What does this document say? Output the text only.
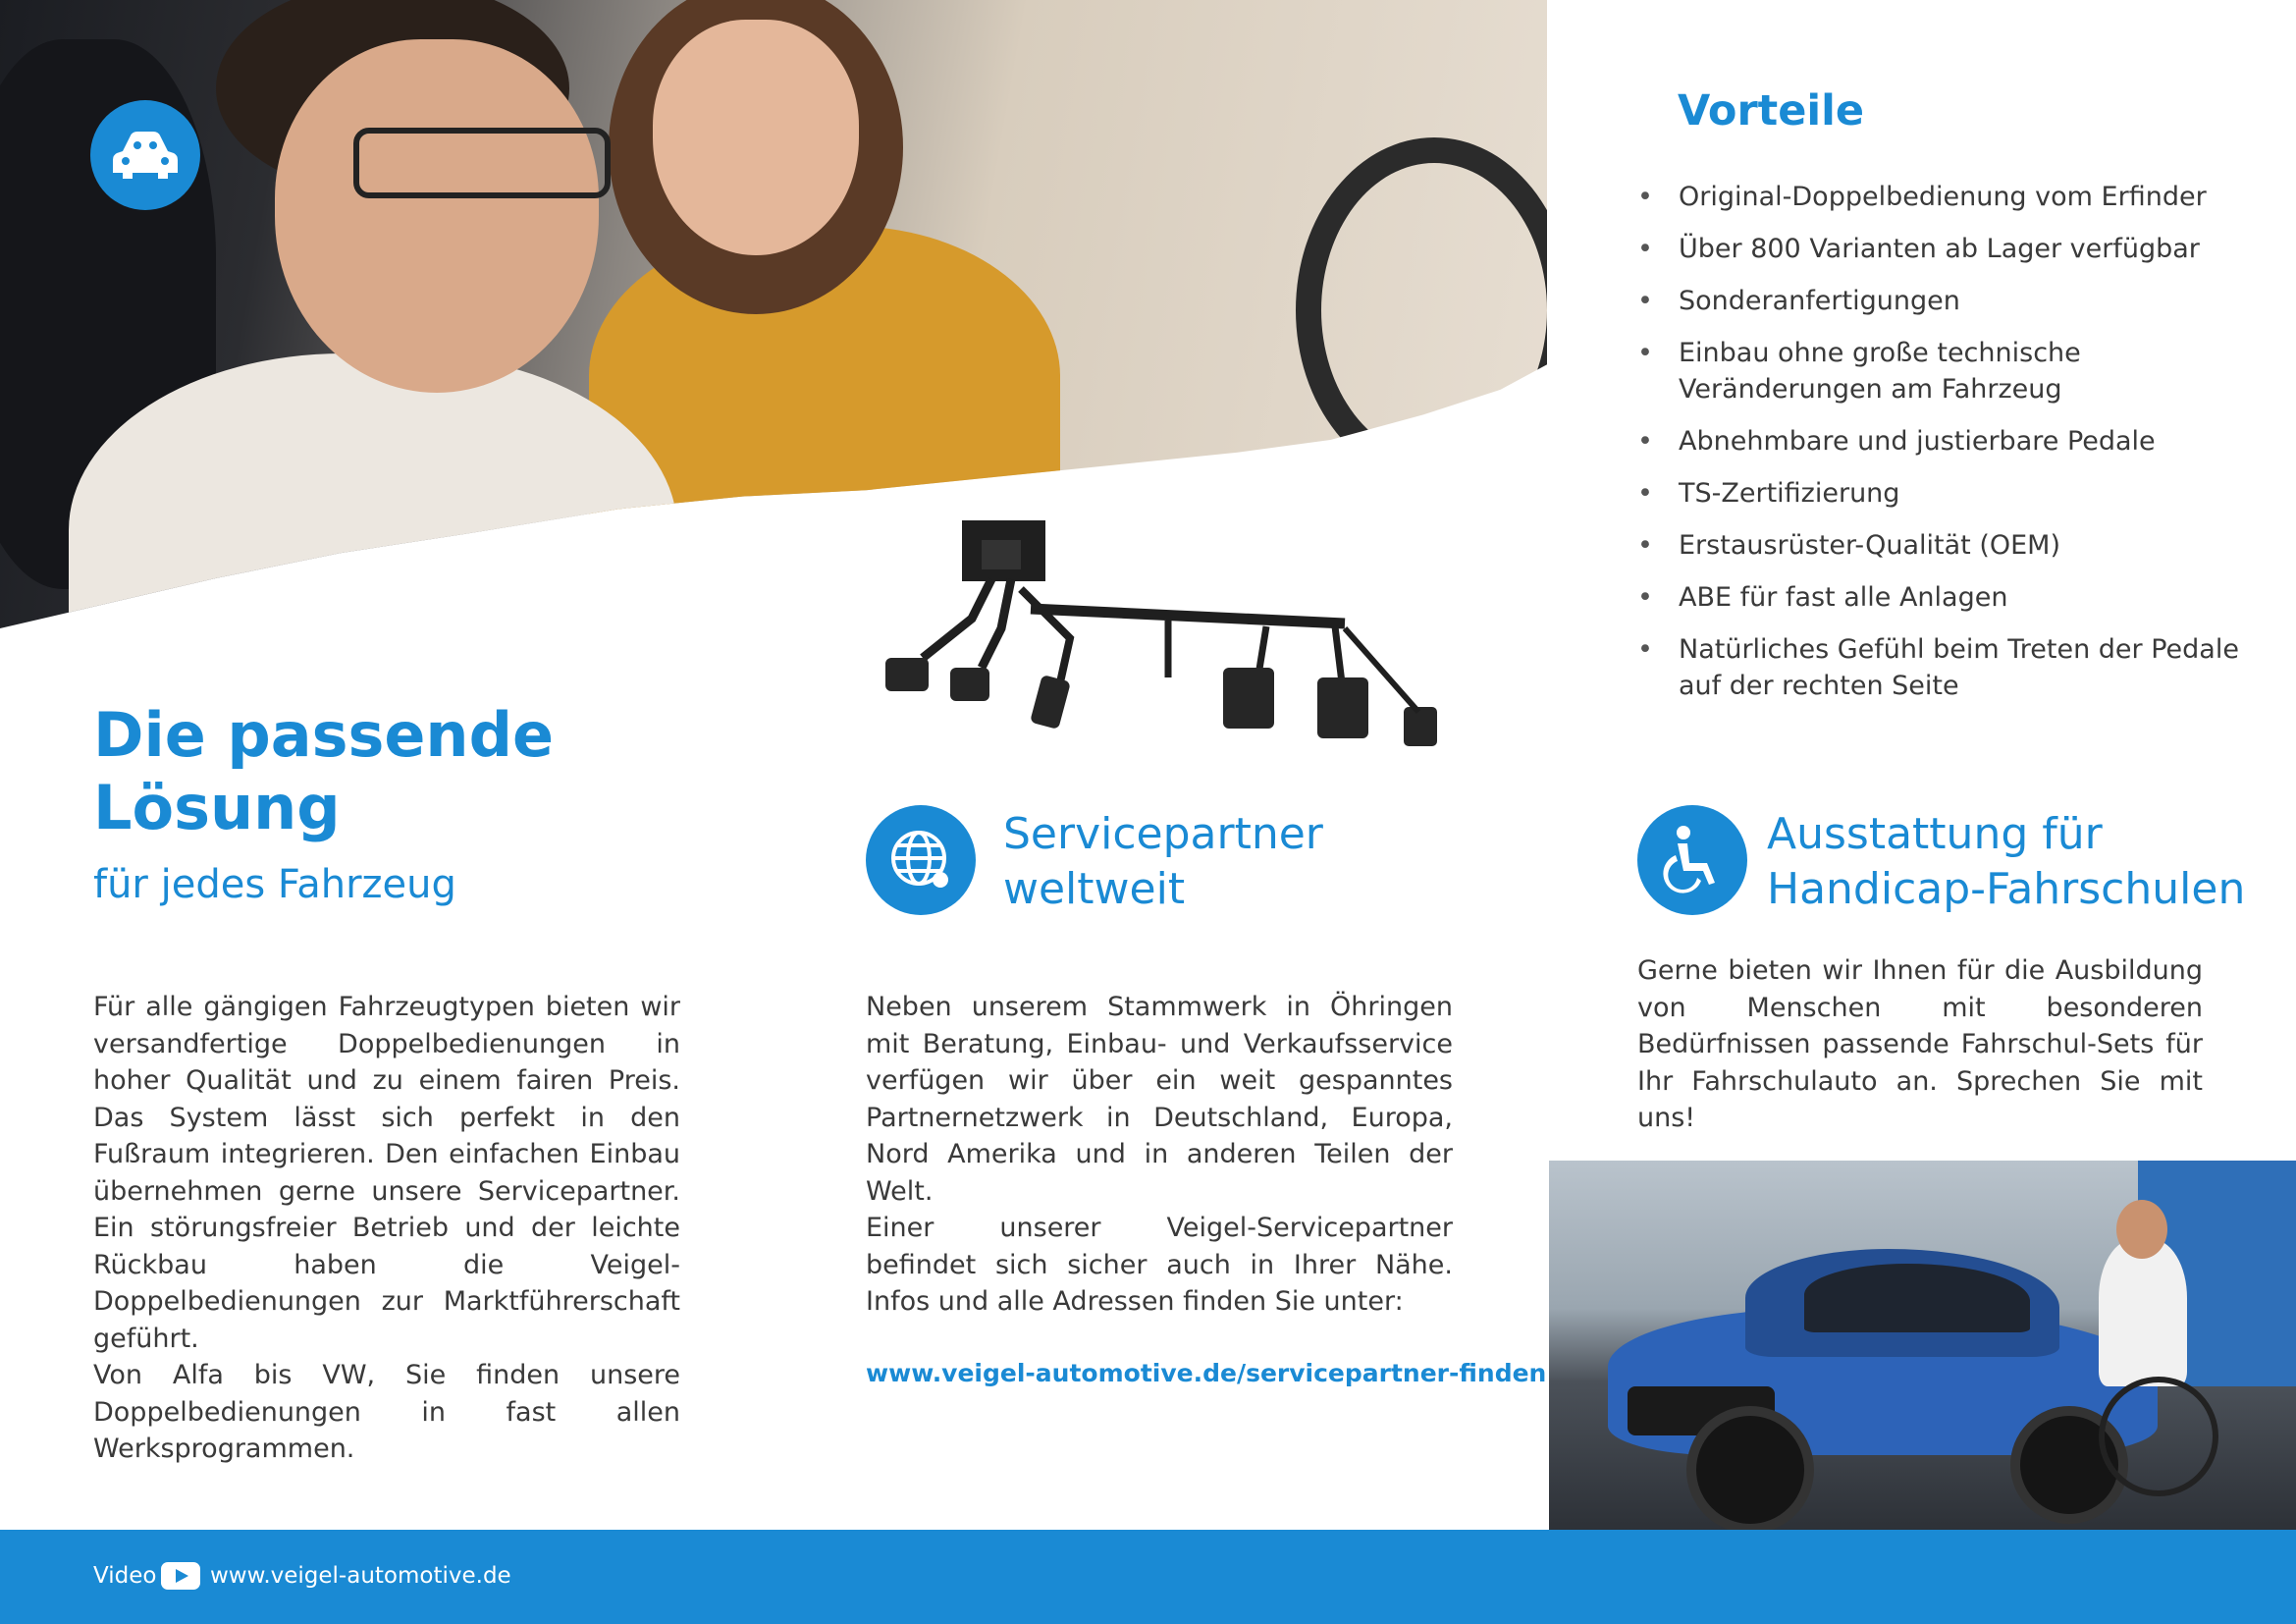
Vorteile
• Original-Doppelbedienung vom Erfinder
• Über 800 Varianten ab Lager verfügbar
• Sonderanfertigungen
• Einbau ohne große technische Veränderungen am Fahrzeug
• Abnehmbare und justierbare Pedale
• TS-Zertifizierung
• Erstausrüster-Qualität (OEM)
• ABE für fast alle Anlagen
• Natürliches Gefühl beim Treten der Pedale auf der rechten Seite
Die passende Lösung
für jedes Fahrzeug

Für alle gängigen Fahrzeugtypen bieten wir versandfertige Doppelbedienungen in hoher Qualität und zu einem fairen Preis. Das System lässt sich perfekt in den Fußraum integrieren. Den einfachen Einbau übernehmen gerne unsere Servicepartner. Ein störungsfreier Betrieb und der leichte Rückbau haben die Veigel-Doppelbedienungen zur Marktführerschaft geführt.

Von Alfa bis VW, Sie finden unsere Doppelbedienungen in fast allen Werksprogrammen.

Servicepartner weltweit

Neben unserem Stammwerk in Öhringen mit Beratung, Einbau- und Verkaufsservice verfügen wir über ein weit gespanntes Partnernetzwerk in Deutschland, Europa, Nord Amerika und in anderen Teilen der Welt.

Einer unserer Veigel-Servicepartner befindet sich sicher auch in Ihrer Nähe. Infos und alle Adressen finden Sie unter:

www.veigel-automotive.de/servicepartner-finden
Ausstattung für Handicap-Fahrschulen

Gerne bieten wir Ihnen für die Ausbildung von Menschen mit besonderen Bedürfnissen passende Fahrschul-Sets für Ihr Fahrschulauto an. Sprechen Sie mit uns!

Video www.veigel-automotive.de
